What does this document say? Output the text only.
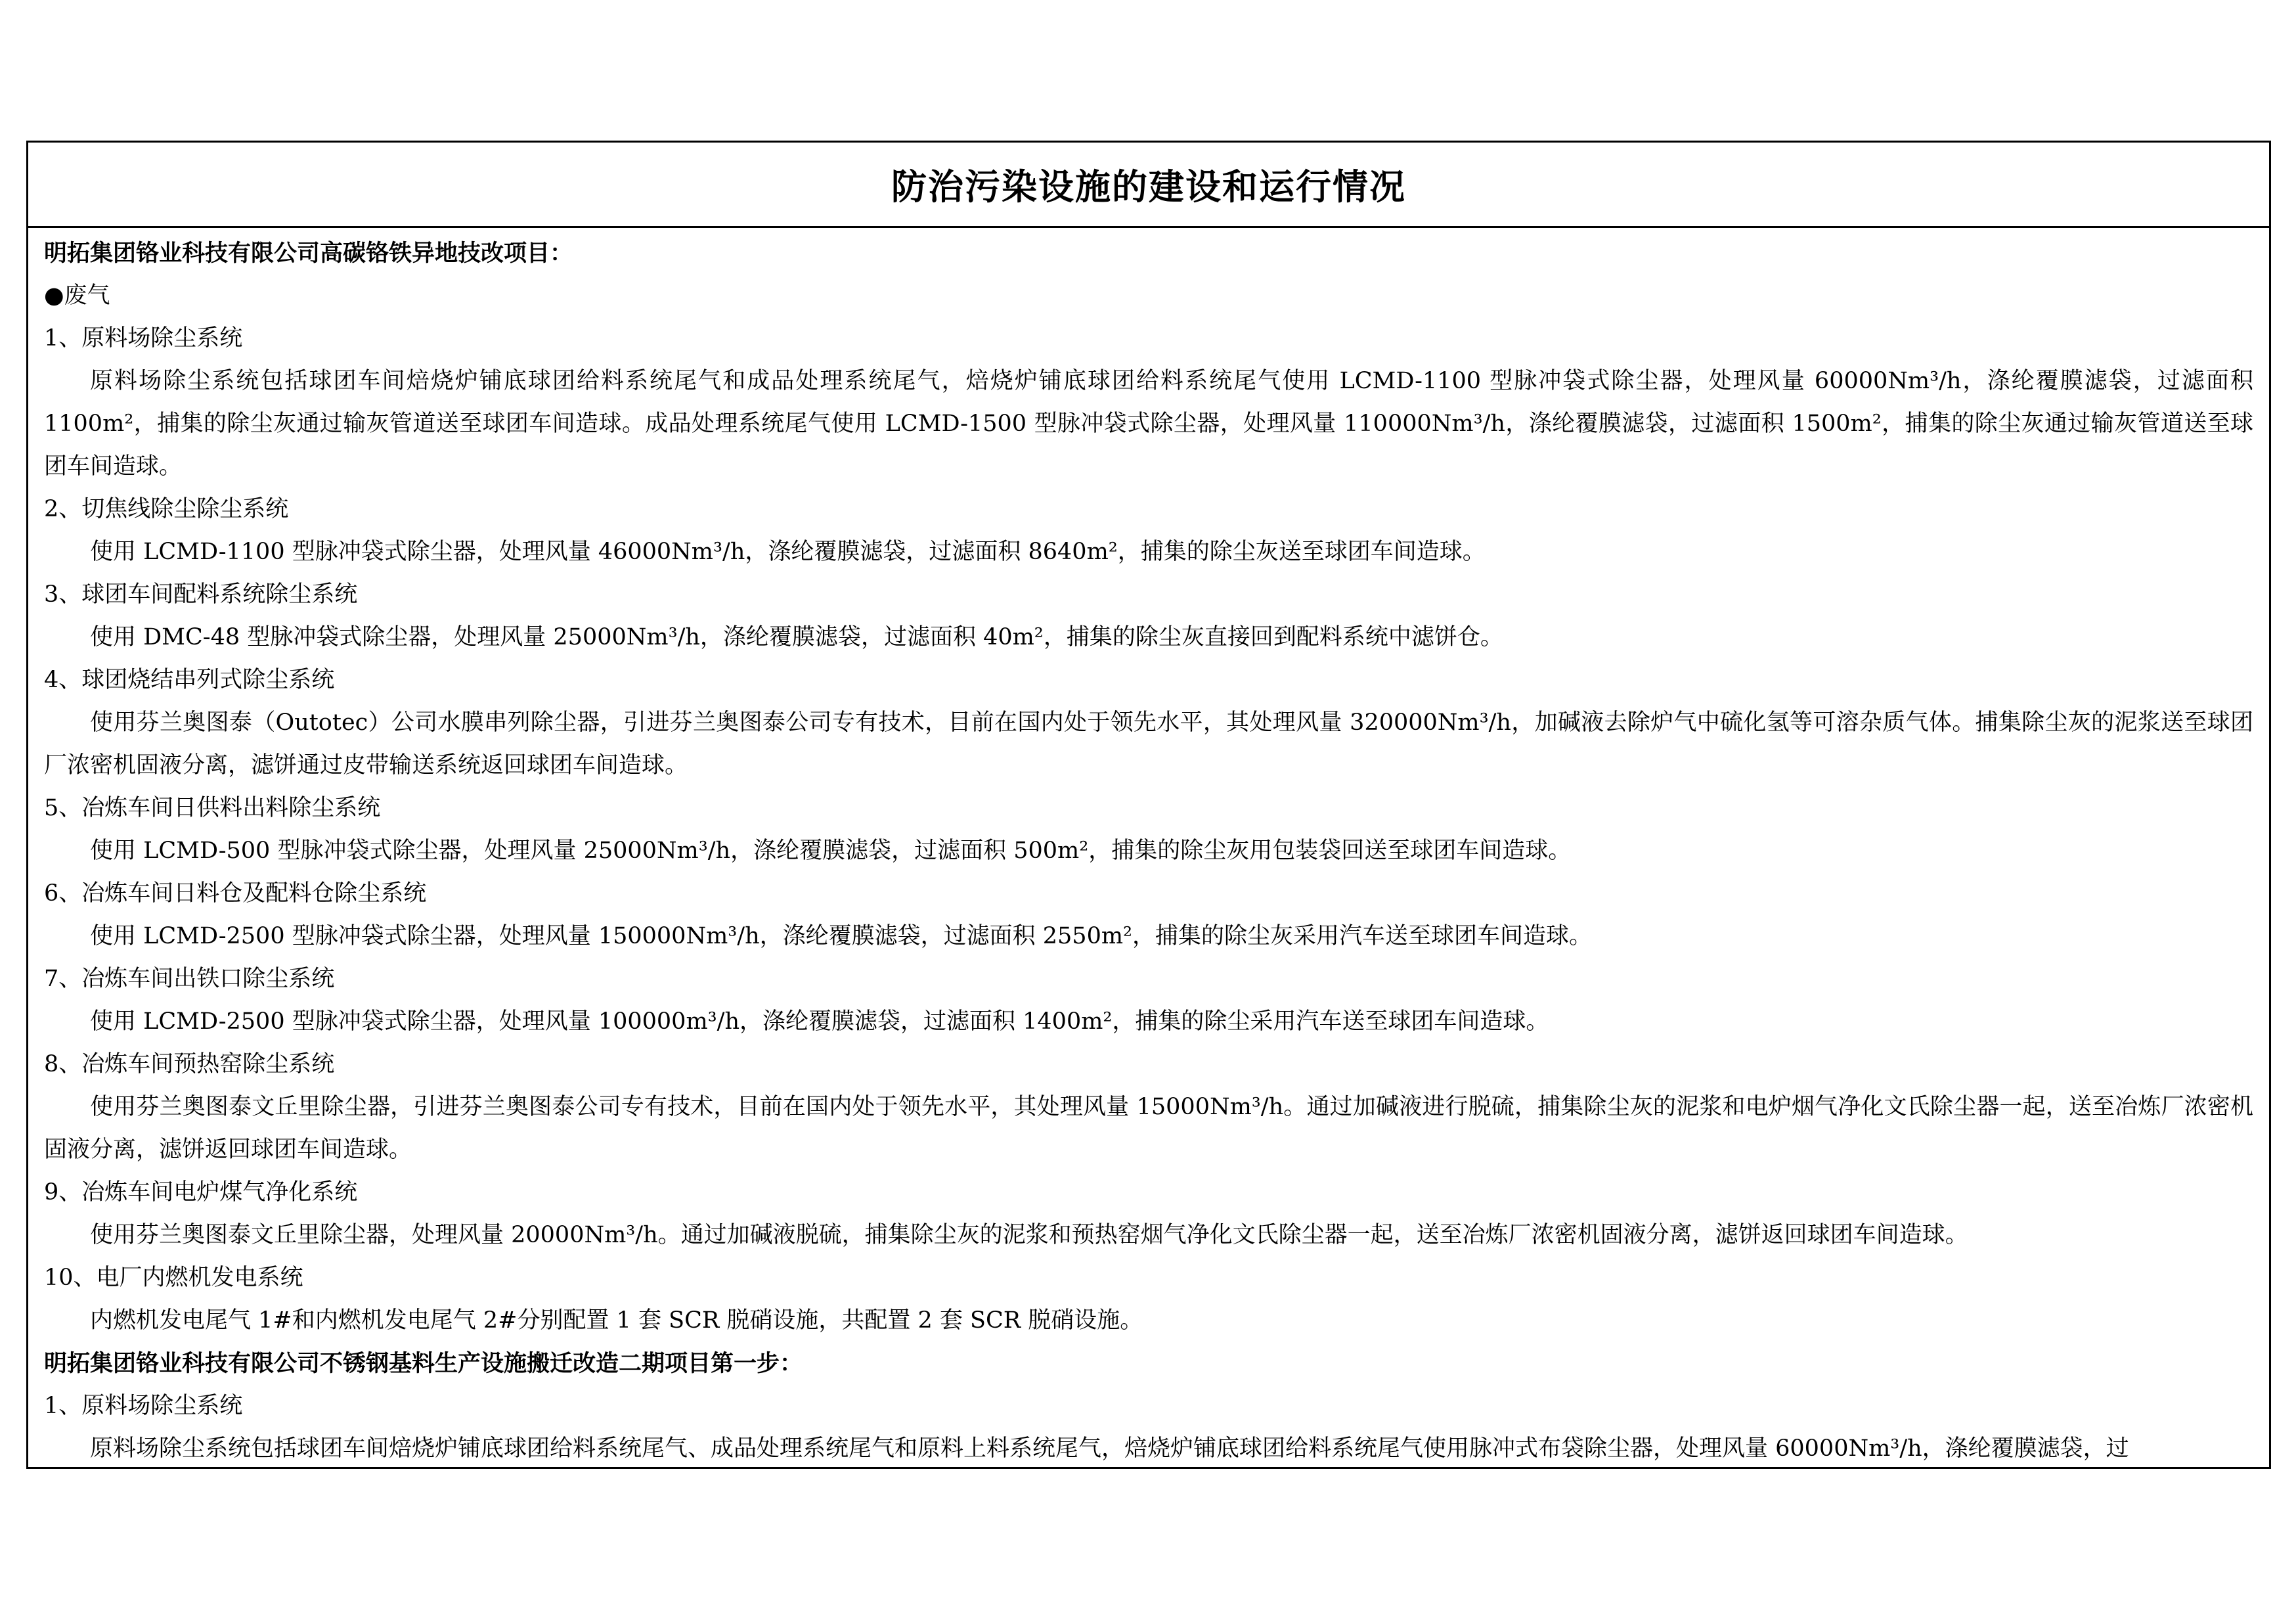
防治污染设施的建设和运行情况
明拓集团铬业科技有限公司高碳铬铁异地技改项目：
●废气
1、原料场除尘系统
原料场除尘系统包括球团车间焙烧炉铺底球团给料系统尾气和成品处理系统尾气，焙烧炉铺底球团给料系统尾气使用 LCMD-1100 型脉冲袋式除尘器，处理风量 60000Nm³/h，涤纶覆膜滤袋，过滤面积 1100m²，捕集的除尘灰通过输灰管道送至球团车间造球。成品处理系统尾气使用 LCMD-1500 型脉冲袋式除尘器，处理风量 110000Nm³/h，涤纶覆膜滤袋，过滤面积 1500m²，捕集的除尘灰通过输灰管道送至球团车间造球。
2、切焦线除尘除尘系统
使用 LCMD-1100 型脉冲袋式除尘器，处理风量 46000Nm³/h，涤纶覆膜滤袋，过滤面积 8640m²，捕集的除尘灰送至球团车间造球。
3、球团车间配料系统除尘系统
使用 DMC-48 型脉冲袋式除尘器，处理风量 25000Nm³/h，涤纶覆膜滤袋，过滤面积 40m²，捕集的除尘灰直接回到配料系统中滤饼仓。
4、球团烧结串列式除尘系统
使用芬兰奥图泰（Outotec）公司水膜串列除尘器，引进芬兰奥图泰公司专有技术，目前在国内处于领先水平，其处理风量 320000Nm³/h，加碱液去除炉气中硫化氢等可溶杂质气体。捕集除尘灰的泥浆送至球团厂浓密机固液分离，滤饼通过皮带输送系统返回球团车间造球。
5、冶炼车间日供料出料除尘系统
使用 LCMD-500 型脉冲袋式除尘器，处理风量 25000Nm³/h，涤纶覆膜滤袋，过滤面积 500m²，捕集的除尘灰用包装袋回送至球团车间造球。
6、冶炼车间日料仓及配料仓除尘系统
使用 LCMD-2500 型脉冲袋式除尘器，处理风量 150000Nm³/h，涤纶覆膜滤袋，过滤面积 2550m²，捕集的除尘灰采用汽车送至球团车间造球。
7、冶炼车间出铁口除尘系统
使用 LCMD-2500 型脉冲袋式除尘器，处理风量 100000m³/h，涤纶覆膜滤袋，过滤面积 1400m²，捕集的除尘采用汽车送至球团车间造球。
8、冶炼车间预热窑除尘系统
使用芬兰奥图泰文丘里除尘器，引进芬兰奥图泰公司专有技术，目前在国内处于领先水平，其处理风量 15000Nm³/h。通过加碱液进行脱硫，捕集除尘灰的泥浆和电炉烟气净化文氏除尘器一起，送至冶炼厂浓密机固液分离，滤饼返回球团车间造球。
9、冶炼车间电炉煤气净化系统
使用芬兰奥图泰文丘里除尘器，处理风量 20000Nm³/h。通过加碱液脱硫，捕集除尘灰的泥浆和预热窑烟气净化文氏除尘器一起，送至冶炼厂浓密机固液分离，滤饼返回球团车间造球。
10、电厂内燃机发电系统
内燃机发电尾气 1#和内燃机发电尾气 2#分别配置 1 套 SCR 脱硝设施，共配置 2 套 SCR 脱硝设施。
明拓集团铬业科技有限公司不锈钢基料生产设施搬迁改造二期项目第一步：
1、原料场除尘系统
原料场除尘系统包括球团车间焙烧炉铺底球团给料系统尾气、成品处理系统尾气和原料上料系统尾气，焙烧炉铺底球团给料系统尾气使用脉冲式布袋除尘器，处理风量 60000Nm³/h，涤纶覆膜滤袋，过
